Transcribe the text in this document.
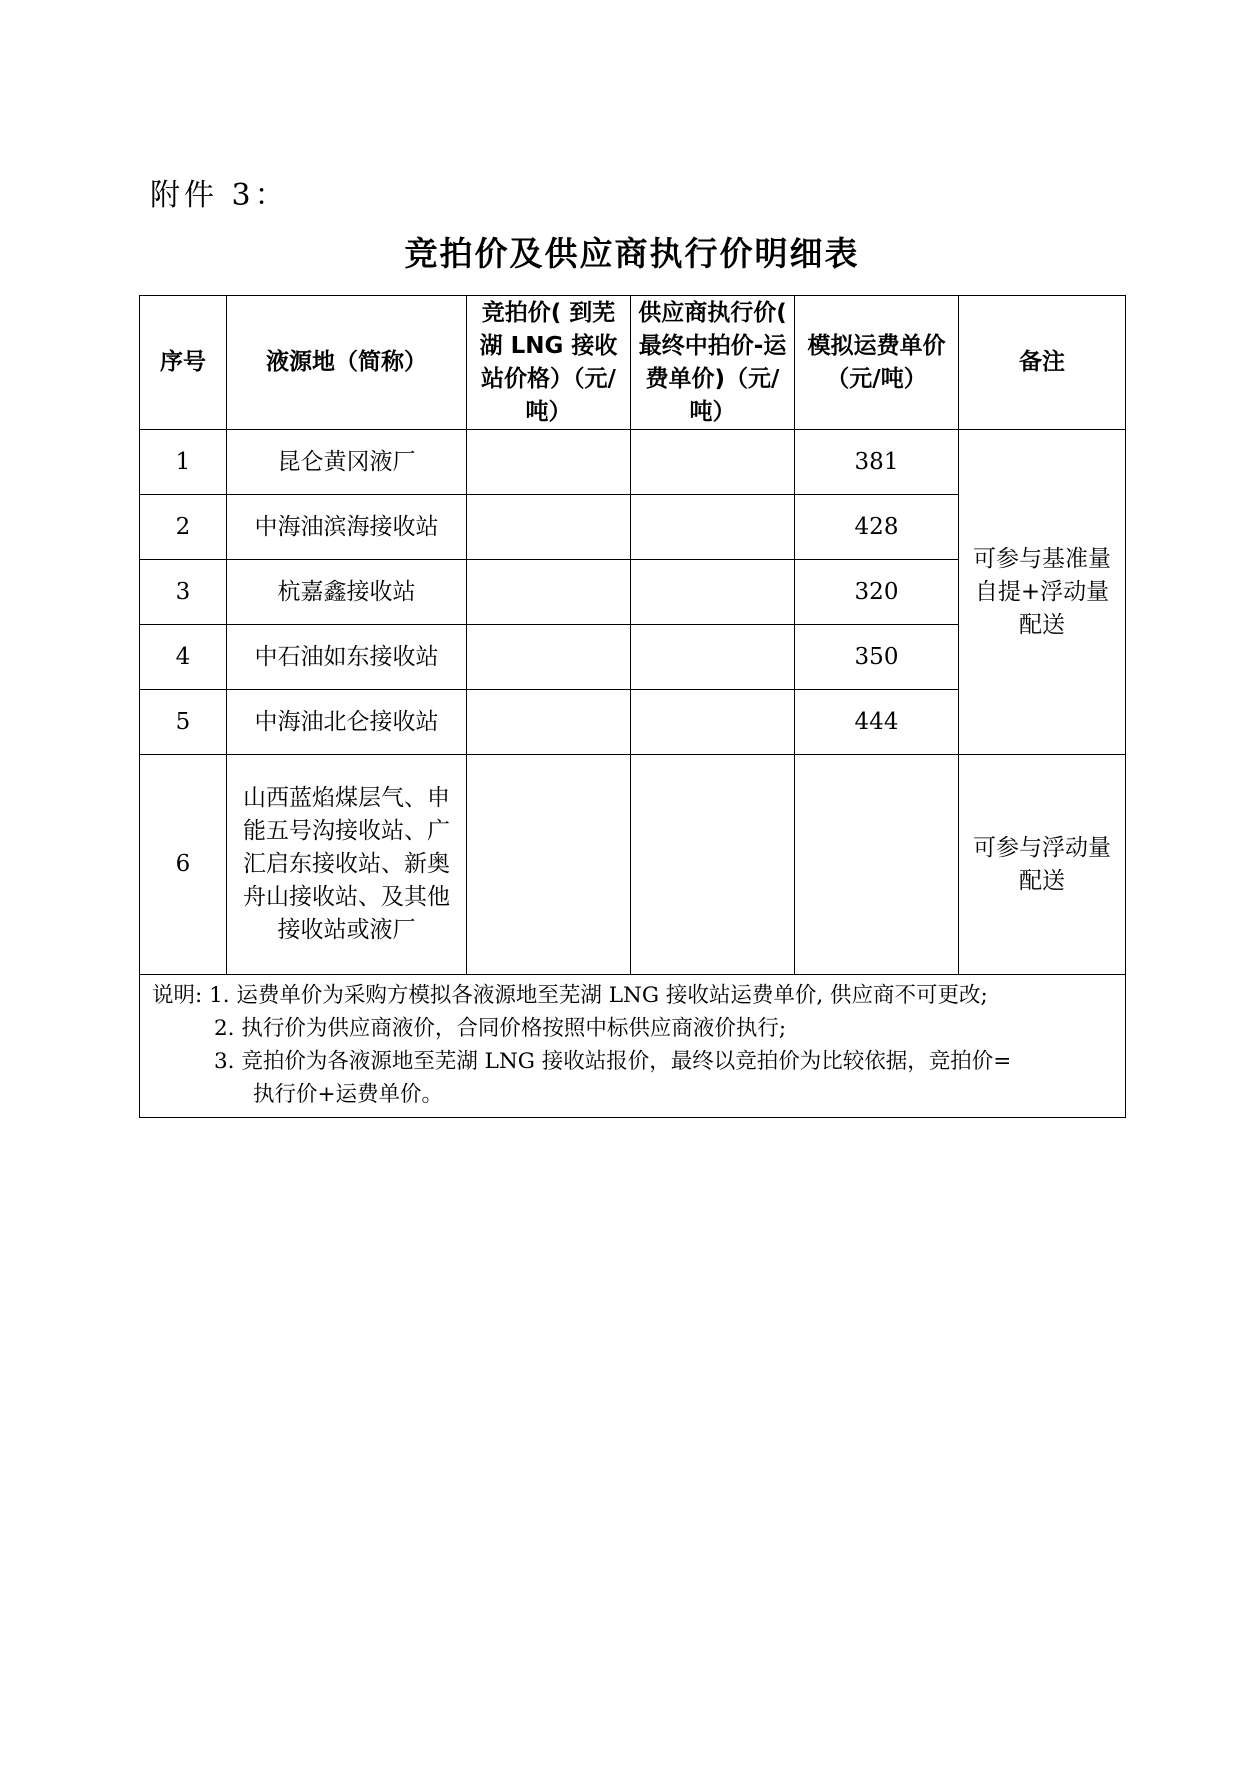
附件 3：
竞拍价及供应商执行价明细表
序号	液源地（简称）	竞拍价( 到芜湖 LNG 接收站价格）（元/吨）	供应商执行价( 最终中拍价-运费单价)（元/吨）	模拟运费单价（元/吨）	备注
1	昆仑黄冈液厂			381	可参与基准量自提+浮动量配送
2	中海油滨海接收站			428	
3	杭嘉鑫接收站			320	
4	中石油如东接收站			350	
5	中海油北仑接收站			444	
6	山西蓝焰煤层气、申能五号沟接收站、广汇启东接收站、新奥舟山接收站、及其他接收站或液厂				可参与浮动量配送

说明: 1. 运费单价为采购方模拟各液源地至芜湖 LNG 接收站运费单价, 供应商不可更改;
2. 执行价为供应商液价，合同价格按照中标供应商液价执行;
3. 竞拍价为各液源地至芜湖 LNG 接收站报价，最终以竞拍价为比较依据，竞拍价=
执行价+运费单价。					
